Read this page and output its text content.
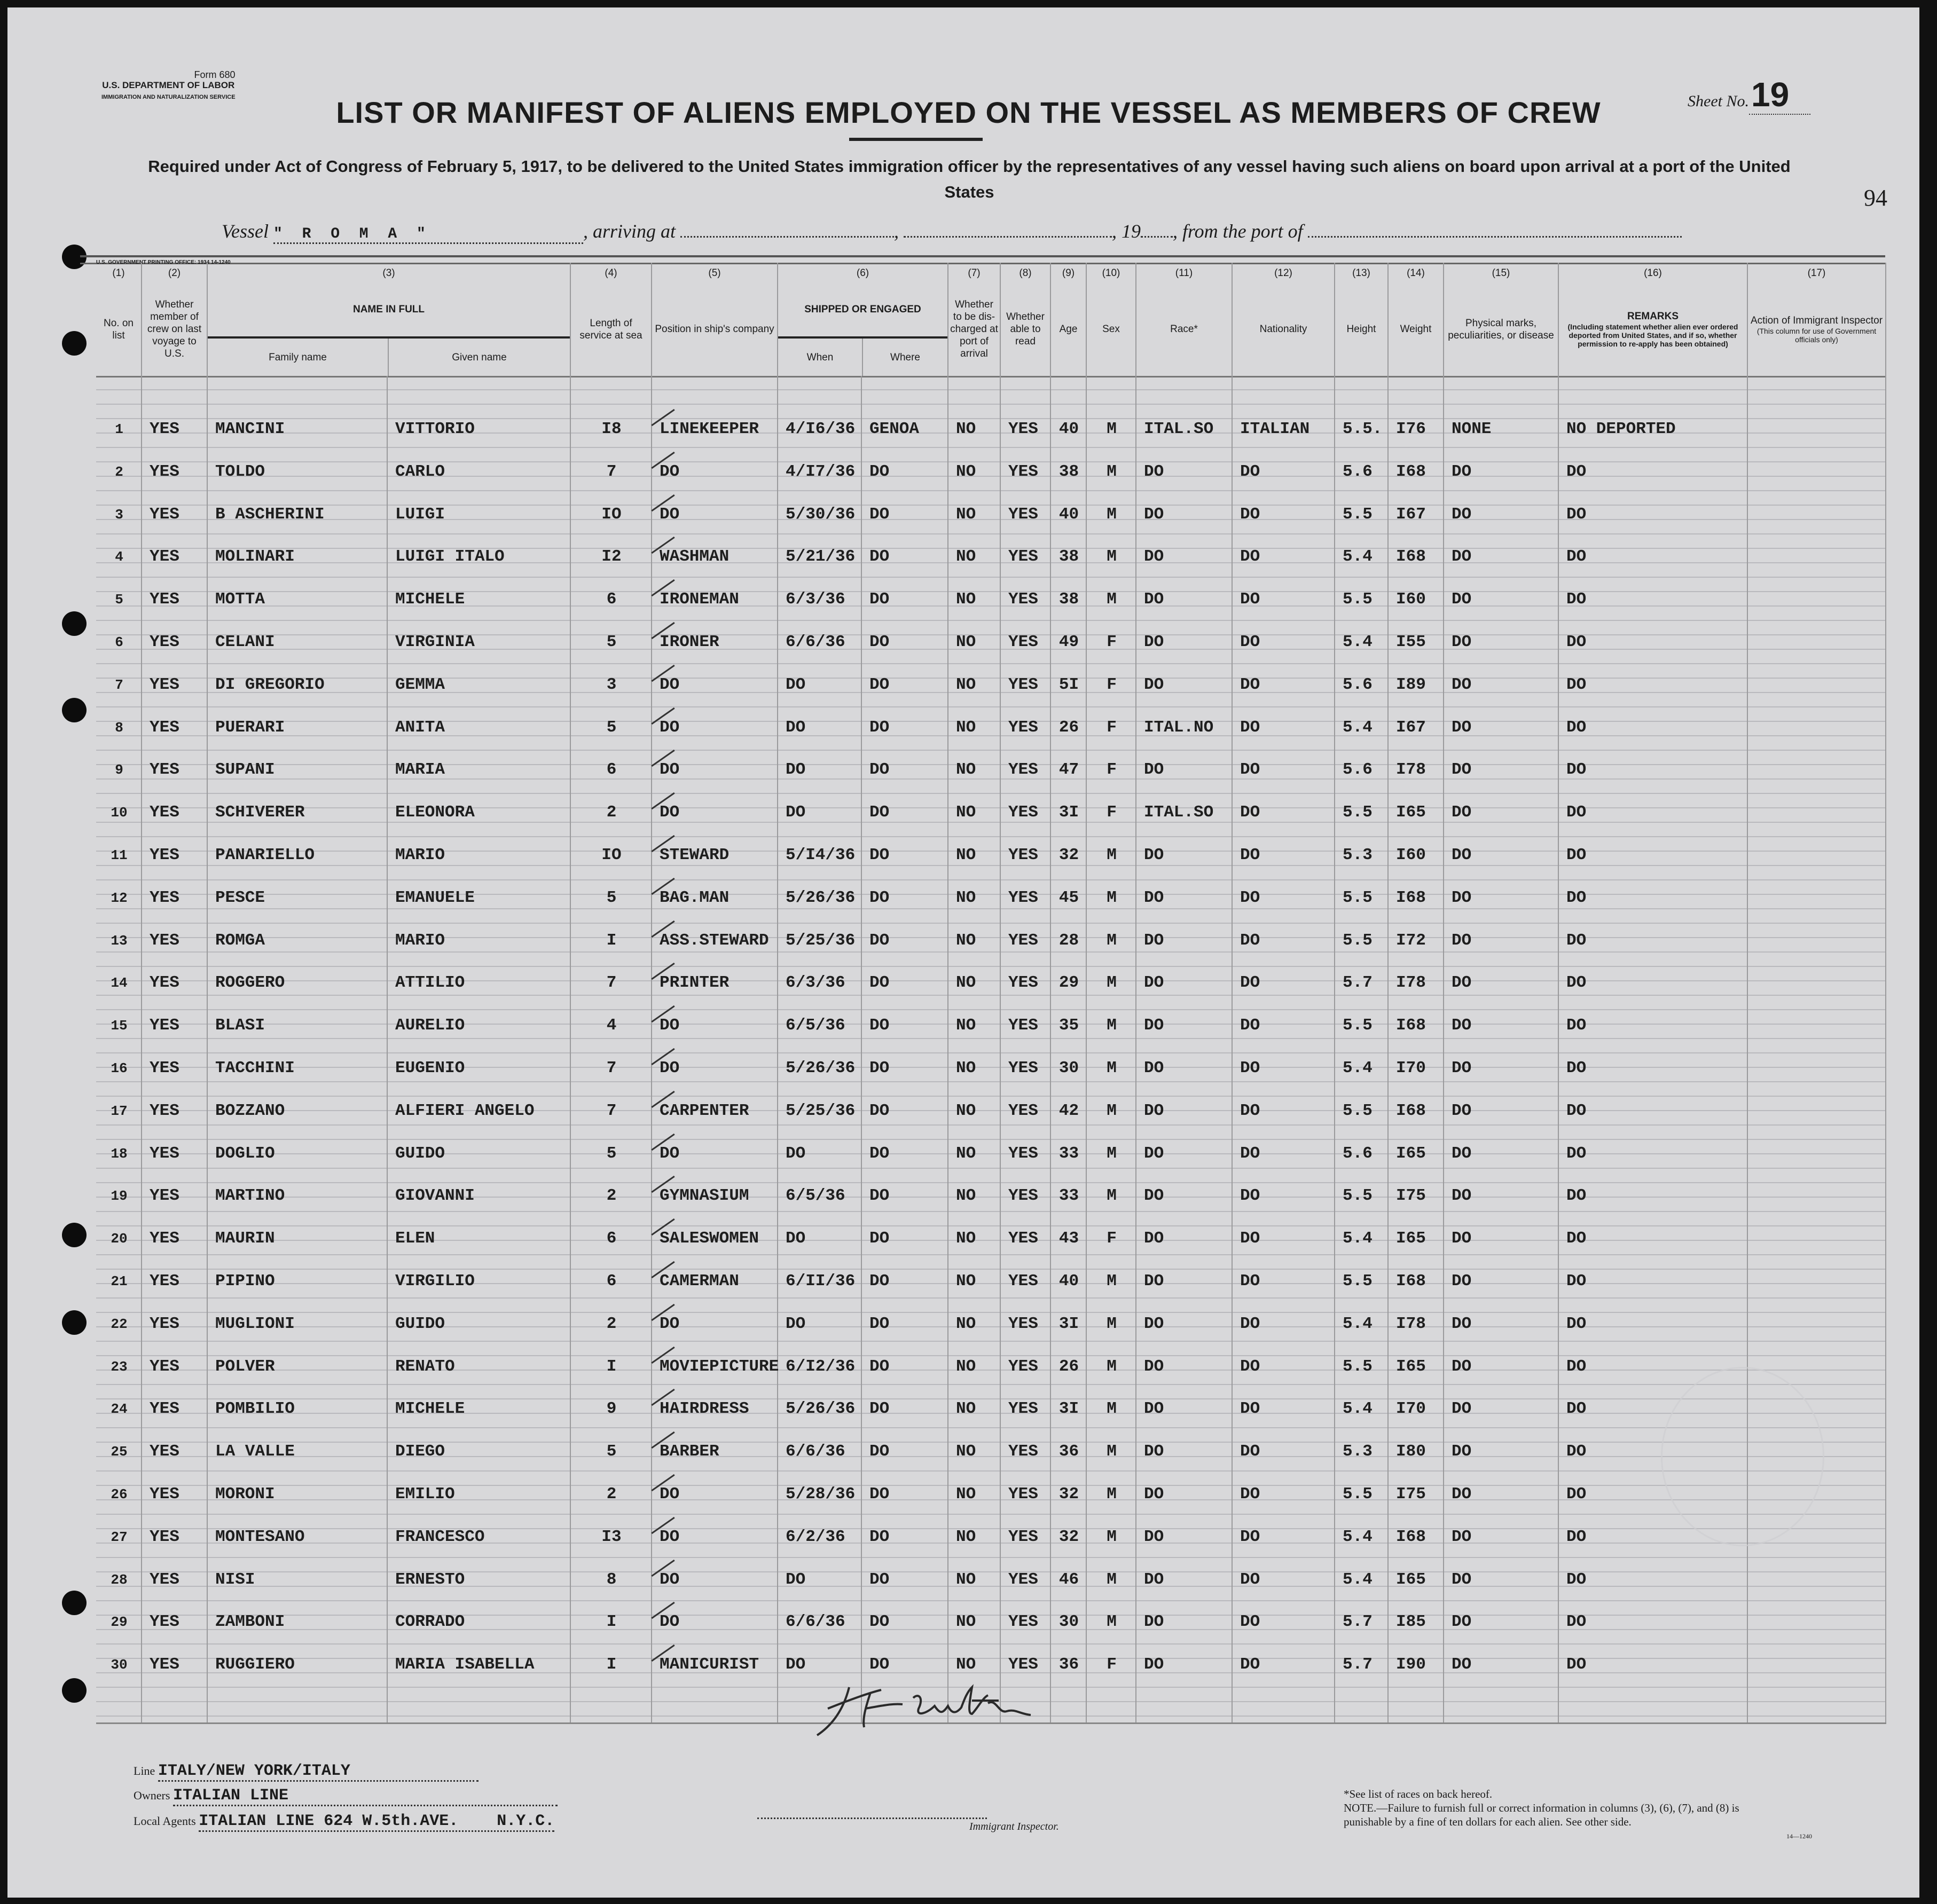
Form 680
U.S. DEPARTMENT OF LABOR
IMMIGRATION AND NATURALIZATION SERVICE	Sheet No.19
94
LIST OR MANIFEST OF ALIENS EMPLOYED ON THE VESSEL AS MEMBERS OF CREW
Required under Act of Congress of February 5, 1917, to be delivered to the United States immigration officer by the representatives of any vessel having such aliens on board upon arrival at a port of the United States
Vessel " R O M A "	, arriving at	,	, 19 , from the port of
U.S. GOVERNMENT PRINTING OFFICE: 1934 14-1240
(1)
No. on list
(2)
Whether member of crew on last voyage to U.S.
(3)
NAME IN FULL
Family name	Given name
(4)
Length of service at sea
(5)
Position in ship's company
(6)
SHIPPED OR ENGAGED
When	Where
(7)
Whether to be dis-charged at port of arrival
(8)
Whether able to read
(9)
Age
(10)
Sex
(11)
Race*
(12)
Nationality
(13)
Height
(14)
Weight
(15)
Physical marks, peculiarities, or disease
(16)
REMARKS
(Including statement whether alien ever ordered deported from United States, and if so, whether permission to re-apply has been obtained)
(17)
Action of Immigrant Inspector
(This column for use of Government officials only)
1	YES	MANCINI	VITTORIO	I8	LINEKEEPER	4/I6/36 GENOA	NO	YES	40	M	ITAL.SO	ITALIAN	5.5. I76	NONE	NO DEPORTED
2	YES	TOLDO	CARLO	7	DO	4/I7/36 DO	NO	YES	38	M	DO	DO	5.6	I68	DO	DO
3	YES	B ASCHERINI	LUIGI	IO	DO	5/30/36 DO	NO	YES	40	M	DO	DO	5.5	I67	DO	DO
4	YES	MOLINARI	LUIGI ITALO	I2	WASHMAN	5/21/36 DO	NO	YES	38	M	DO	DO	5.4	I68	DO	DO
5	YES	MOTTA	MICHELE	6	IRONEMAN	6/3/36	DO	NO	YES	38	M	DO	DO	5.5	I60	DO	DO
6	YES	CELANI	VIRGINIA	5	IRONER	6/6/36	DO	NO	YES	49	F	DO	DO	5.4	I55	DO	DO
7	YES	DI GREGORIO	GEMMA	3	DO	DO	DO	NO	YES	5I	F	DO	DO	5.6	I89	DO	DO
8	YES	PUERARI	ANITA	5	DO	DO	DO	NO	YES	26	F	ITAL.NO	DO	5.4	I67	DO	DO
9	YES	SUPANI	MARIA	6	DO	DO	DO	NO	YES	47	F	DO	DO	5.6	I78	DO	DO
10	YES	SCHIVERER	ELEONORA	2	DO	DO	DO	NO	YES	3I	F	ITAL.SO	DO	5.5	I65	DO	DO
11	YES	PANARIELLO	MARIO	IO	STEWARD	5/I4/36 DO	NO	YES	32	M	DO	DO	5.3	I60	DO	DO
12	YES	PESCE	EMANUELE	5	BAG.MAN	5/26/36 DO	NO	YES	45	M	DO	DO	5.5	I68	DO	DO
13	YES	ROMGA	MARIO	I	ASS.STEWARD	5/25/36 DO	NO	YES	28	M	DO	DO	5.5	I72	DO	DO
14	YES	ROGGERO	ATTILIO	7	PRINTER	6/3/36	DO	NO	YES	29	M	DO	DO	5.7	I78	DO	DO
15	YES	BLASI	AURELIO	4	DO	6/5/36	DO	NO	YES	35	M	DO	DO	5.5	I68	DO	DO
16	YES	TACCHINI	EUGENIO	7	DO	5/26/36 DO	NO	YES	30	M	DO	DO	5.4	I70	DO	DO
17	YES	BOZZANO	ALFIERI ANGELO	7	CARPENTER	5/25/36 DO	NO	YES	42	M	DO	DO	5.5	I68	DO	DO
18	YES	DOGLIO	GUIDO	5	DO	DO	DO	NO	YES	33	M	DO	DO	5.6	I65	DO	DO
19	YES	MARTINO	GIOVANNI	2	GYMNASIUM	6/5/36	DO	NO	YES	33	M	DO	DO	5.5	I75	DO	DO
20	YES	MAURIN	ELEN	6	SALESWOMEN	DO	DO	NO	YES	43	F	DO	DO	5.4	I65	DO	DO
21	YES	PIPINO	VIRGILIO	6	CAMERMAN	6/II/36 DO	NO	YES	40	M	DO	DO	5.5	I68	DO	DO
22	YES	MUGLIONI	GUIDO	2	DO	DO	DO	NO	YES	3I	M	DO	DO	5.4	I78	DO	DO
23	YES	POLVER	RENATO	I	MOVIEPICTURE 6/I2/36 DO	NO	YES	26	M	DO	DO	5.5	I65	DO	DO
24	YES	POMBILIO	MICHELE	9	HAIRDRESS	5/26/36 DO	NO	YES	3I	M	DO	DO	5.4	I70	DO	DO
25	YES	LA VALLE	DIEGO	5	BARBER	6/6/36	DO	NO	YES	36	M	DO	DO	5.3	I80	DO	DO
26	YES	MORONI	EMILIO	2	DO	5/28/36 DO	NO	YES	32	M	DO	DO	5.5	I75	DO	DO
27	YES	MONTESANO	FRANCESCO	I3	DO	6/2/36	DO	NO	YES	32	M	DO	DO	5.4	I68	DO	DO
28	YES	NISI	ERNESTO	8	DO	DO	DO	NO	YES	46	M	DO	DO	5.4	I65	DO	DO
29	YES	ZAMBONI	CORRADO	I	DO	6/6/36	DO	NO	YES	30	M	DO	DO	5.7	I85	DO	DO
30	YES	RUGGIERO	MARIA ISABELLA	I	MANICURIST	DO	DO	NO	YES	36	F	DO	DO	5.7	I90	DO	DO
Line ITALY/NEW YORK/ITALY
Owners ITALIAN LINE
Local Agents ITALIAN LINE 624 W.5th.AVE.    N.Y.C.	Immigrant Inspector.
*See list of races on back hereof.
NOTE.—Failure to furnish full or correct information in columns (3), (6), (7), and (8) is punishable by a fine of ten dollars for each alien. See other side.
14—1240
